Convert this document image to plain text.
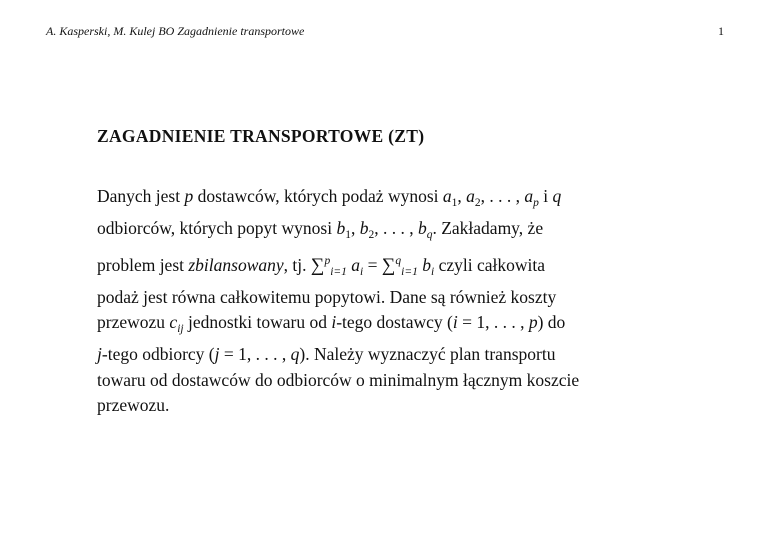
A. Kasperski, M. Kulej BO Zagadnienie transportowe	1
ZAGADNIENIE TRANSPORTOWE (ZT)
Danych jest p dostawców, których podaż wynosi $a_1$, $a_2$, . . . , $a_p$ i q
odbiorców, których popyt wynosi $b_1$, $b_2$, . . . , $b_q$. Zakładamy, że
problem jest zbilansowany, tj. ∑$^p_{i=1}$ $a_i = \sum^q_{i=1}$ $b_i$ czyli całkowita
podaż jest równa całkowitemu popytowi. Dane są również koszty
przewozu $c_{ij}$ jednostki towaru od i-tego dostawcy (i = 1, . . . , p) do
j-tego odbiorcy (j = 1, . . . , q). Należy wyznaczyć plan transportu
towaru od dostawców do odbiorców o minimalnym łącznym koszcie
przewozu.
